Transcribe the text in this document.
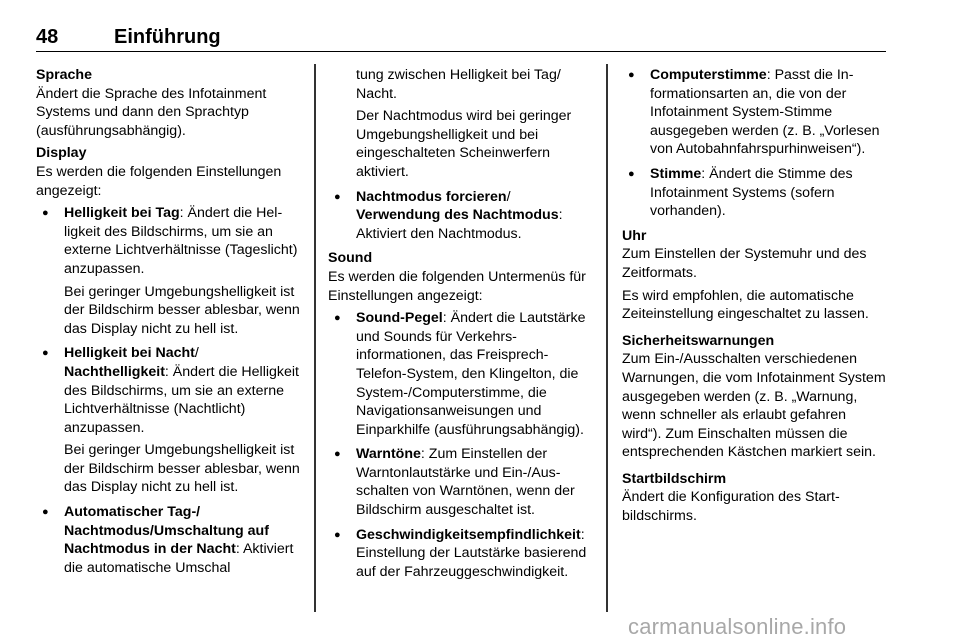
48	Einführung

Sprache

Ändert die Sprache des Infotainment Systems und dann den Sprachtyp (ausführungsabhängig).

Display

Es werden die folgenden Einstellungen angezeigt:

● Helligkeit bei Tag: Ändert die Helligkeit des Bildschirms, um sie an externe Lichtverhältnisse (Tageslicht) anzupassen.

Bei geringer Umgebungshelligkeit ist der Bildschirm besser ablesbar, wenn das Display nicht zu hell ist.

● Helligkeit bei Nacht/
Nachthelligkeit: Ändert die Helligkeit des Bildschirms, um sie an externe Lichtverhältnisse (Nachtlicht) anzupassen.

Bei geringer Umgebungshelligkeit ist der Bildschirm besser ablesbar, wenn das Display nicht zu hell ist.

● Automatischer Tag-/ Nachtmodus/Umschaltung auf Nachtmodus in der Nacht: Aktiviert die automatische Umschal

tung zwischen Helligkeit bei Tag/ Nacht.

Der Nachtmodus wird bei geringer Umgebungshelligkeit und bei eingeschalteten Scheinwerfern aktiviert.

● Nachtmodus forcieren/
Verwendung des Nachtmodus: Aktiviert den Nachtmodus.

Sound

Es werden die folgenden Untermenüs für Einstellungen angezeigt:

● Sound-Pegel: Ändert die Lautstärke und Sounds für Verkehrsinformationen, das Freisprech-Telefon-System, den Klingelton, die System-/Computerstimme, die Navigationsanweisungen und Einparkhilfe (ausführungsabhängig).

● Warntöne: Zum Einstellen der Warntonlautstärke und Ein-/Ausschalten von Warntönen, wenn der Bildschirm ausgeschaltet ist.

● Geschwindigkeitsempfindlichkeit: Einstellung der Lautstärke basierend auf der Fahrzeuggeschwindigkeit.

● Computerstimme: Passt die Informationsarten an, die von der Infotainment System-Stimme ausgegeben werden (z. B. „Vorlesen von Autobahnfahrspurhinweisen“).

● Stimme: Ändert die Stimme des Infotainment Systems (sofern vorhanden).

Uhr

Zum Einstellen der Systemuhr und des Zeitformats.

Es wird empfohlen, die automatische Zeiteinstellung eingeschaltet zu lassen.

Sicherheitswarnungen

Zum Ein-/Ausschalten verschiedenen Warnungen, die vom Infotainment System ausgegeben werden (z. B. „Warnung, wenn schneller als erlaubt gefahren wird“). Zum Einschalten müssen die entsprechenden Kästchen markiert sein.

Startbildschirm

Ändert die Konfiguration des Startbildschirms.

carmanualsonline.info
